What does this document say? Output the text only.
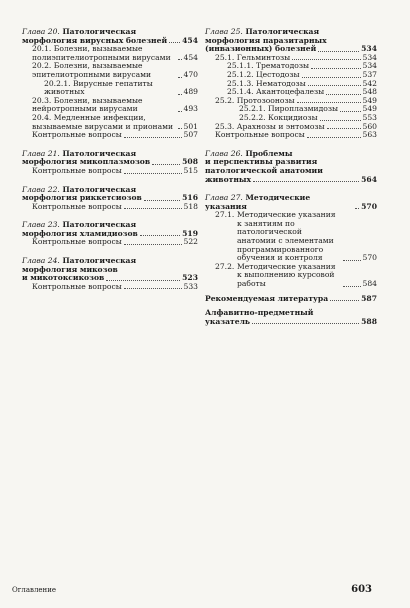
Глава 20. Патологическая
морфология вирусных болезней 454
20.1. Болезни, вызываемые полиэпителиотропными вирусами	454
20.2. Болезни, вызываемые эпителиотропными вирусами	470
20.2.1. Вирусные гепатиты животных	489
20.3. Болезни, вызываемые нейротропными вирусами	493
20.4. Медленные инфекции, вызываемые вирусами и прионами	501
Контрольные вопросы	507
Глава 21. Патологическая
морфология микоплазмозов	508
Контрольные вопросы	515
Глава 22. Патологическая
морфология риккетсиозов	516
Контрольные вопросы	518
Глава 23. Патологическая
морфология хламидиозов	519
Контрольные вопросы	522
Глава 24. Патологическая
морфология микозов
и микотоксикозов	523
Контрольные вопросы	533
Глава 25. Патологическая
морфология паразитарных
(инвазионных) болезней	534
25.1. Гельминтозы	534
25.1.1. Трематодозы	534
25.1.2. Цестодозы	537
25.1.3. Нематодозы	542
25.1.4. Акантоцефалезы	548
25.2. Протозоонозы	549
25.2.1. Пироплазмидозы	549
25.2.2. Кокцидиозы	553
25.3. Арахнозы и энтомозы	560
Контрольные вопросы	563
Глава 26. Проблемы
и перспективы развития
патологической анатомии
животных	564
Глава 27. Методические указания	570
27.1. Методические указания к занятиям по патологической анатомии с элементами программированного обучения и контроля	570
27.2. Методические указания к выполнению курсовой работы	584
Рекомендуемая литература	587
Алфавитно-предметный
указатель	588
Оглавление	603
